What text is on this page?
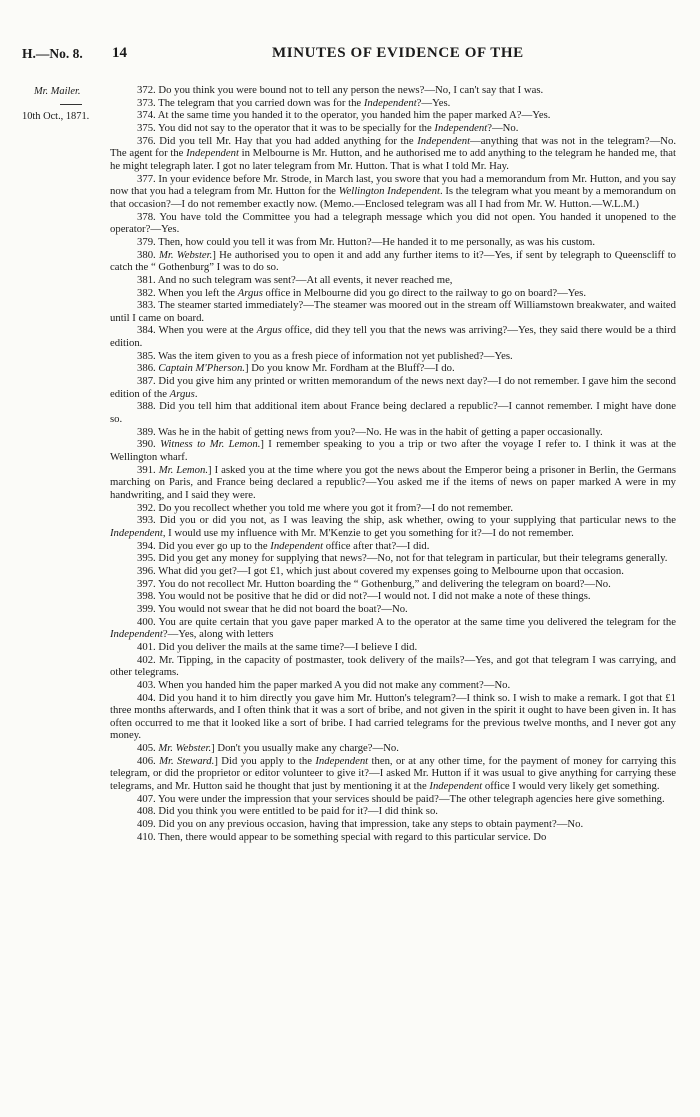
H.—No. 8. 14	MINUTES OF EVIDENCE OF THE
Mr. Mailer.
10th Oct., 1871.

372. Do you think you were bound not to tell any person the news?—No, I can't say that I was.

373. The telegram that you carried down was for the Independent?—Yes.

374. At the same time you handed it to the operator, you handed him the paper marked A?—Yes.

375. You did not say to the operator that it was to be specially for the Independent?—No.

376. Did you tell Mr. Hay that you had added anything for the Independent—anything that was not in the telegram?—No. The agent for the Independent in Melbourne is Mr. Hutton, and he authorised me to add anything to the telegram he handed me, that he might telegraph later. I got no later telegram from Mr. Hutton. That is what I told Mr. Hay.

377. In your evidence before Mr. Strode, in March last, you swore that you had a memorandum from Mr. Hutton, and you say now that you had a telegram from Mr. Hutton for the Wellington Independent. Is the telegram what you meant by a memorandum on that occasion?—I do not remember exactly now. (Memo.—Enclosed telegram was all I had from Mr. W. Hutton.—W.L.M.)

378. You have told the Committee you had a telegraph message which you did not open. You handed it unopened to the operator?—Yes.

379. Then, how could you tell it was from Mr. Hutton?—He handed it to me personally, as was his custom.

380. Mr. Webster.] He authorised you to open it and add any further items to it?—Yes, if sent by telegraph to Queenscliff to catch the “ Gothenburg” I was to do so.

381. And no such telegram was sent?—At all events, it never reached me,

382. When you left the Argus office in Melbourne did you go direct to the railway to go on board?—Yes.

383. The steamer started immediately?—The steamer was moored out in the stream off Williamstown breakwater, and waited until I came on board.

384. When you were at the Argus office, did they tell you that the news was arriving?—Yes, they said there would be a third edition.

385. Was the item given to you as a fresh piece of information not yet published?—Yes.

386. Captain M'Pherson.] Do you know Mr. Fordham at the Bluff?—I do.

387. Did you give him any printed or written memorandum of the news next day?—I do not remember. I gave him the second edition of the Argus.

388. Did you tell him that additional item about France being declared a republic?—I cannot remember. I might have done so.

389. Was he in the habit of getting news from you?—No. He was in the habit of getting a paper occasionally.

390. Witness to Mr. Lemon.] I remember speaking to you a trip or two after the voyage I refer to. I think it was at the Wellington wharf.

391. Mr. Lemon.] I asked you at the time where you got the news about the Emperor being a prisoner in Berlin, the Germans marching on Paris, and France being declared a republic?—You asked me if the items of news on paper marked A were in my handwriting, and I said they were.

392. Do you recollect whether you told me where you got it from?—I do not remember.

393. Did you or did you not, as I was leaving the ship, ask whether, owing to your supplying that particular news to the Independent, I would use my influence with Mr. M'Kenzie to get you something for it?—I do not remember.

394. Did you ever go up to the Independent office after that?—I did.

395. Did you get any money for supplying that news?—No, not for that telegram in particular, but their telegrams generally.

396. What did you get?—I got £1, which just about covered my expenses going to Melbourne upon that occasion.

397. You do not recollect Mr. Hutton boarding the “ Gothenburg,” and delivering the telegram on board?—No.

398. You would not be positive that he did or did not?—I would not. I did not make a note of these things.

399. You would not swear that he did not board the boat?—No.

400. You are quite certain that you gave paper marked A to the operator at the same time you delivered the telegram for the Independent?—Yes, along with letters

401. Did you deliver the mails at the same time?—I believe I did.

402. Mr. Tipping, in the capacity of postmaster, took delivery of the mails?—Yes, and got that telegram I was carrying, and other telegrams.

403. When you handed him the paper marked A you did not make any comment?—No.

404. Did you hand it to him directly you gave him Mr. Hutton's telegram?—I think so. I wish to make a remark. I got that £1 three months afterwards, and I often think that it was a sort of bribe, and not given in the spirit it ought to have been given in. It has often occurred to me that it looked like a sort of bribe. I had carried telegrams for the previous twelve months, and I never got any money.

405. Mr. Webster.] Don't you usually make any charge?—No.

406. Mr. Steward.] Did you apply to the Independent then, or at any other time, for the payment of money for carrying this telegram, or did the proprietor or editor volunteer to give it?—I asked Mr. Hutton if it was usual to give anything for carrying these telegrams, and Mr. Hutton said he thought that just by mentioning it at the Independent office I would very likely get something.

407. You were under the impression that your services should be paid?—The other telegraph agencies here give something.

408. Did you think you were entitled to be paid for it?—I did think so.

409. Did you on any previous occasion, having that impression, take any steps to obtain payment?—No.

410. Then, there would appear to be something special with regard to this particular service. Do
